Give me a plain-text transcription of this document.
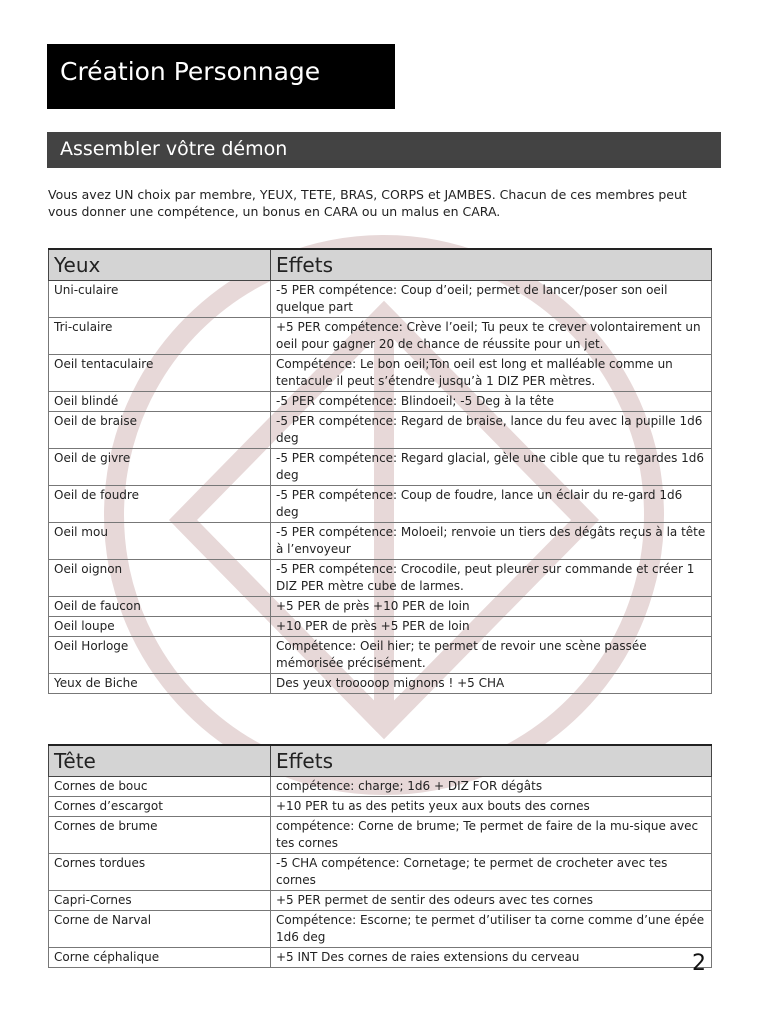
Création Personnage
Assembler vôtre démon
Vous avez UN choix par membre, YEUX, TETE, BRAS, CORPS et JAMBES. Chacun de ces membres peut vous donner une compétence, un bonus en CARA ou un malus en CARA.
Yeux	Effets
Uni-culaire	-5 PER compétence: Coup d’oeil; permet de lancer/poser son oeil quelque part
Tri-culaire	+5 PER compétence: Crève l’oeil; Tu peux te crever volontairement un oeil pour gagner 20 de chance de réussite pour un jet.
Oeil tentaculaire	Compétence: Le bon oeil;Ton oeil est long et malléable comme un tentacule il peut s’étendre jusqu’à 1 DIZ PER mètres.
Oeil blindé	-5 PER compétence: Blindoeil; -5 Deg à la tête
Oeil de braise	-5 PER compétence: Regard de braise, lance du feu avec la pupille 1d6 deg
Oeil de givre	-5 PER compétence: Regard glacial, gèle une cible que tu regardes 1d6 deg
Oeil de foudre	-5 PER compétence: Coup de foudre, lance un éclair du re-gard 1d6 deg
Oeil mou	-5 PER compétence: Moloeil; renvoie un tiers des dégâts reçus à la tête à l’envoyeur
Oeil oignon	-5 PER compétence: Crocodile, peut pleurer sur commande et créer 1 DIZ PER mètre cube de larmes.
Oeil de faucon	+5 PER de près +10 PER de loin
Oeil loupe	+10 PER de près +5 PER de loin
Oeil Horloge	Compétence: Oeil hier; te permet de revoir une scène passée mémorisée précisément.
Yeux de Biche	Des yeux trooooop mignons ! +5 CHA
Tête	Effets
Cornes de bouc	compétence: charge; 1d6 + DIZ FOR dégâts
Cornes d’escargot	+10 PER tu as des petits yeux aux bouts des cornes
Cornes de brume	compétence: Corne de brume; Te permet de faire de la mu-sique avec tes cornes
Cornes tordues	-5 CHA compétence: Cornetage; te permet de crocheter avec tes cornes
Capri-Cornes	+5 PER permet de sentir des odeurs avec tes cornes
Corne de Narval	Compétence: Escorne; te permet d’utiliser ta corne comme d’une épée 1d6 deg
Corne céphalique	+5 INT Des cornes de raies extensions du cerveau	2
